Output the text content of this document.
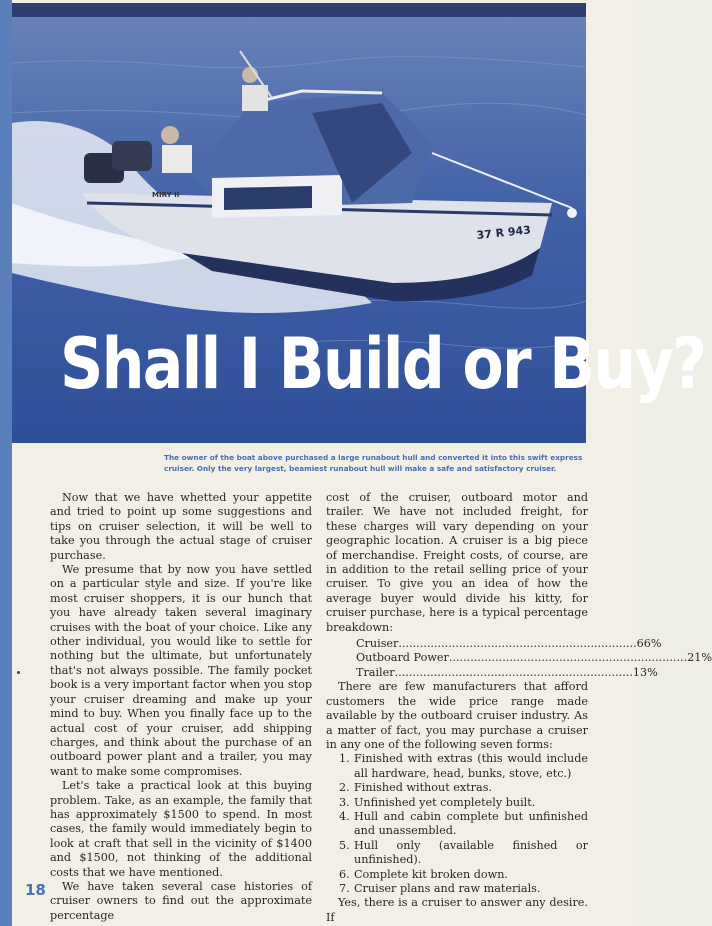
37 R 943
MIRY II
Shall I Build or Buy?

The owner of the boat above purchased a large runabout hull and converted it into this swift express

cruiser. Only the very largest, beamiest runabout hull will make a safe and satisfactory cruiser.

Now that we have whetted your appetite and tried to point up some suggestions and tips on cruiser selection, it will be well to take you through the actual stage of cruiser purchase.

We presume that by now you have settled on a particular style and size. If you're like most cruiser shoppers, it is our hunch that you have already taken several imaginary cruises with the boat of your choice. Like any other individual, you would like to settle for nothing but the ultimate, but unfortunately that's not always possible. The family pocket book is a very important factor when you stop your cruiser dreaming and make up your mind to buy. When you finally face up to the actual cost of your cruiser, add shipping charges, and think about the purchase of an outboard power plant and a trailer, you may want to make some compromises.

Let's take a practical look at this buying problem. Take, as an example, the family that has approximately $1500 to spend. In most cases, the family would immediately begin to look at craft that sell in the vicinity of $1400 and $1500, not thinking of the additional costs that we have mentioned.

We have taken several case histories of cruiser owners to find out the approximate percentage

cost of the cruiser, outboard motor and trailer. We have not included freight, for these charges will vary depending on your geographic location. A cruiser is a big piece of merchandise. Freight costs, of course, are in addition to the retail selling price of your cruiser. To give you an idea of how the average buyer would divide his kitty, for cruiser purchase, here is a typical percentage breakdown:

Cruiser .....	66%
Outboard Power .....	21%
Trailer .....	13%

There are few manufacturers that afford customers the wide price range made available by the outboard cruiser industry. As a matter of fact, you may purchase a cruiser in any one of the following seven forms:

1. Finished with extras (this would include all hardware, head, bunks, stove, etc.)
2. Finished without extras.
3. Unfinished yet completely built.
4. Hull and cabin complete but unfinished and unassembled.
5. Hull only (available finished or unfinished).
6. Complete kit broken down.
7. Cruiser plans and raw materials.

Yes, there is a cruiser to answer any desire. If

18
